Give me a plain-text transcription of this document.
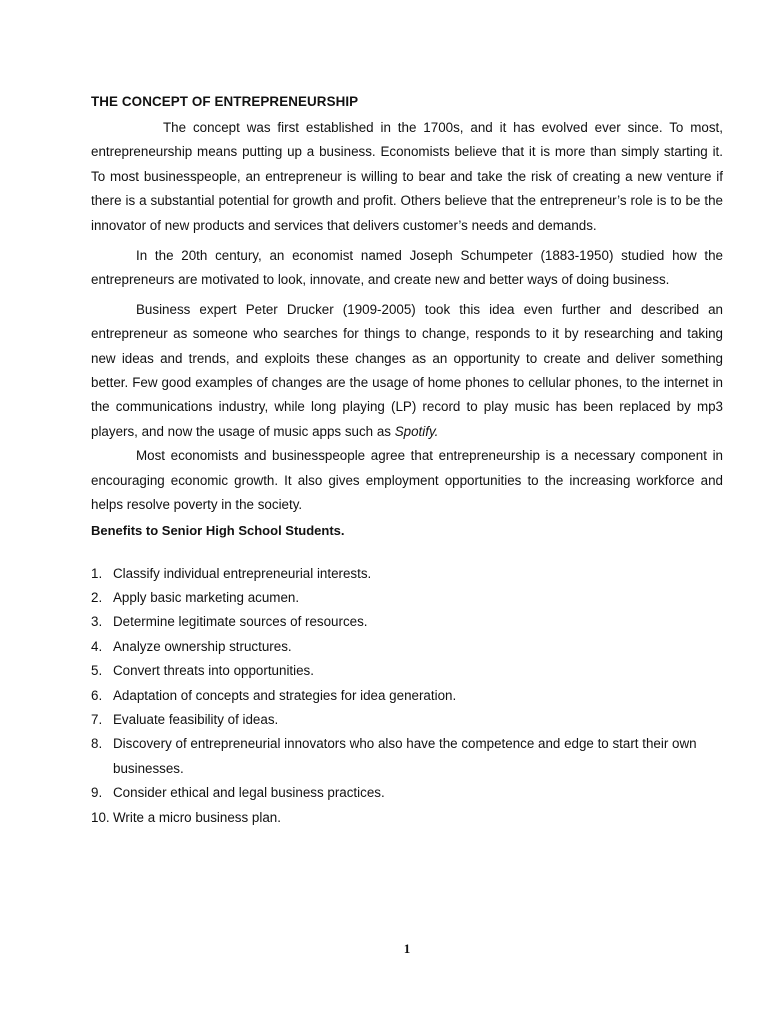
THE CONCEPT OF ENTREPRENEURSHIP

The concept was first established in the 1700s, and it has evolved ever since. To most, entrepreneurship means putting up a business. Economists believe that it is more than simply starting it. To most businesspeople, an entrepreneur is willing to bear and take the risk of creating a new venture if there is a substantial potential for growth and profit. Others believe that the entrepreneur’s role is to be the innovator of new products and services that delivers customer’s needs and demands.

In the 20th century, an economist named Joseph Schumpeter (1883-1950) studied how the entrepreneurs are motivated to look, innovate, and create new and better ways of doing business.

Business expert Peter Drucker (1909-2005) took this idea even further and described an entrepreneur as someone who searches for things to change, responds to it by researching and taking new ideas and trends, and exploits these changes as an opportunity to create and deliver something better. Few good examples of changes are the usage of home phones to cellular phones, to the internet in the communications industry, while long playing (LP) record to play music has been replaced by mp3 players, and now the usage of music apps such as Spotify.

Most economists and businesspeople agree that entrepreneurship is a necessary component in encouraging economic growth. It also gives employment opportunities to the increasing workforce and helps resolve poverty in the society.

Benefits to Senior High School Students.
1. Classify individual entrepreneurial interests.
2. Apply basic marketing acumen.
3. Determine legitimate sources of resources.
4. Analyze ownership structures.
5. Convert threats into opportunities.
6. Adaptation of concepts and strategies for idea generation.
7. Evaluate feasibility of ideas.
8. Discovery of entrepreneurial innovators who also have the competence and edge to start their own businesses.
9. Consider ethical and legal business practices.
10. Write a micro business plan.
1
